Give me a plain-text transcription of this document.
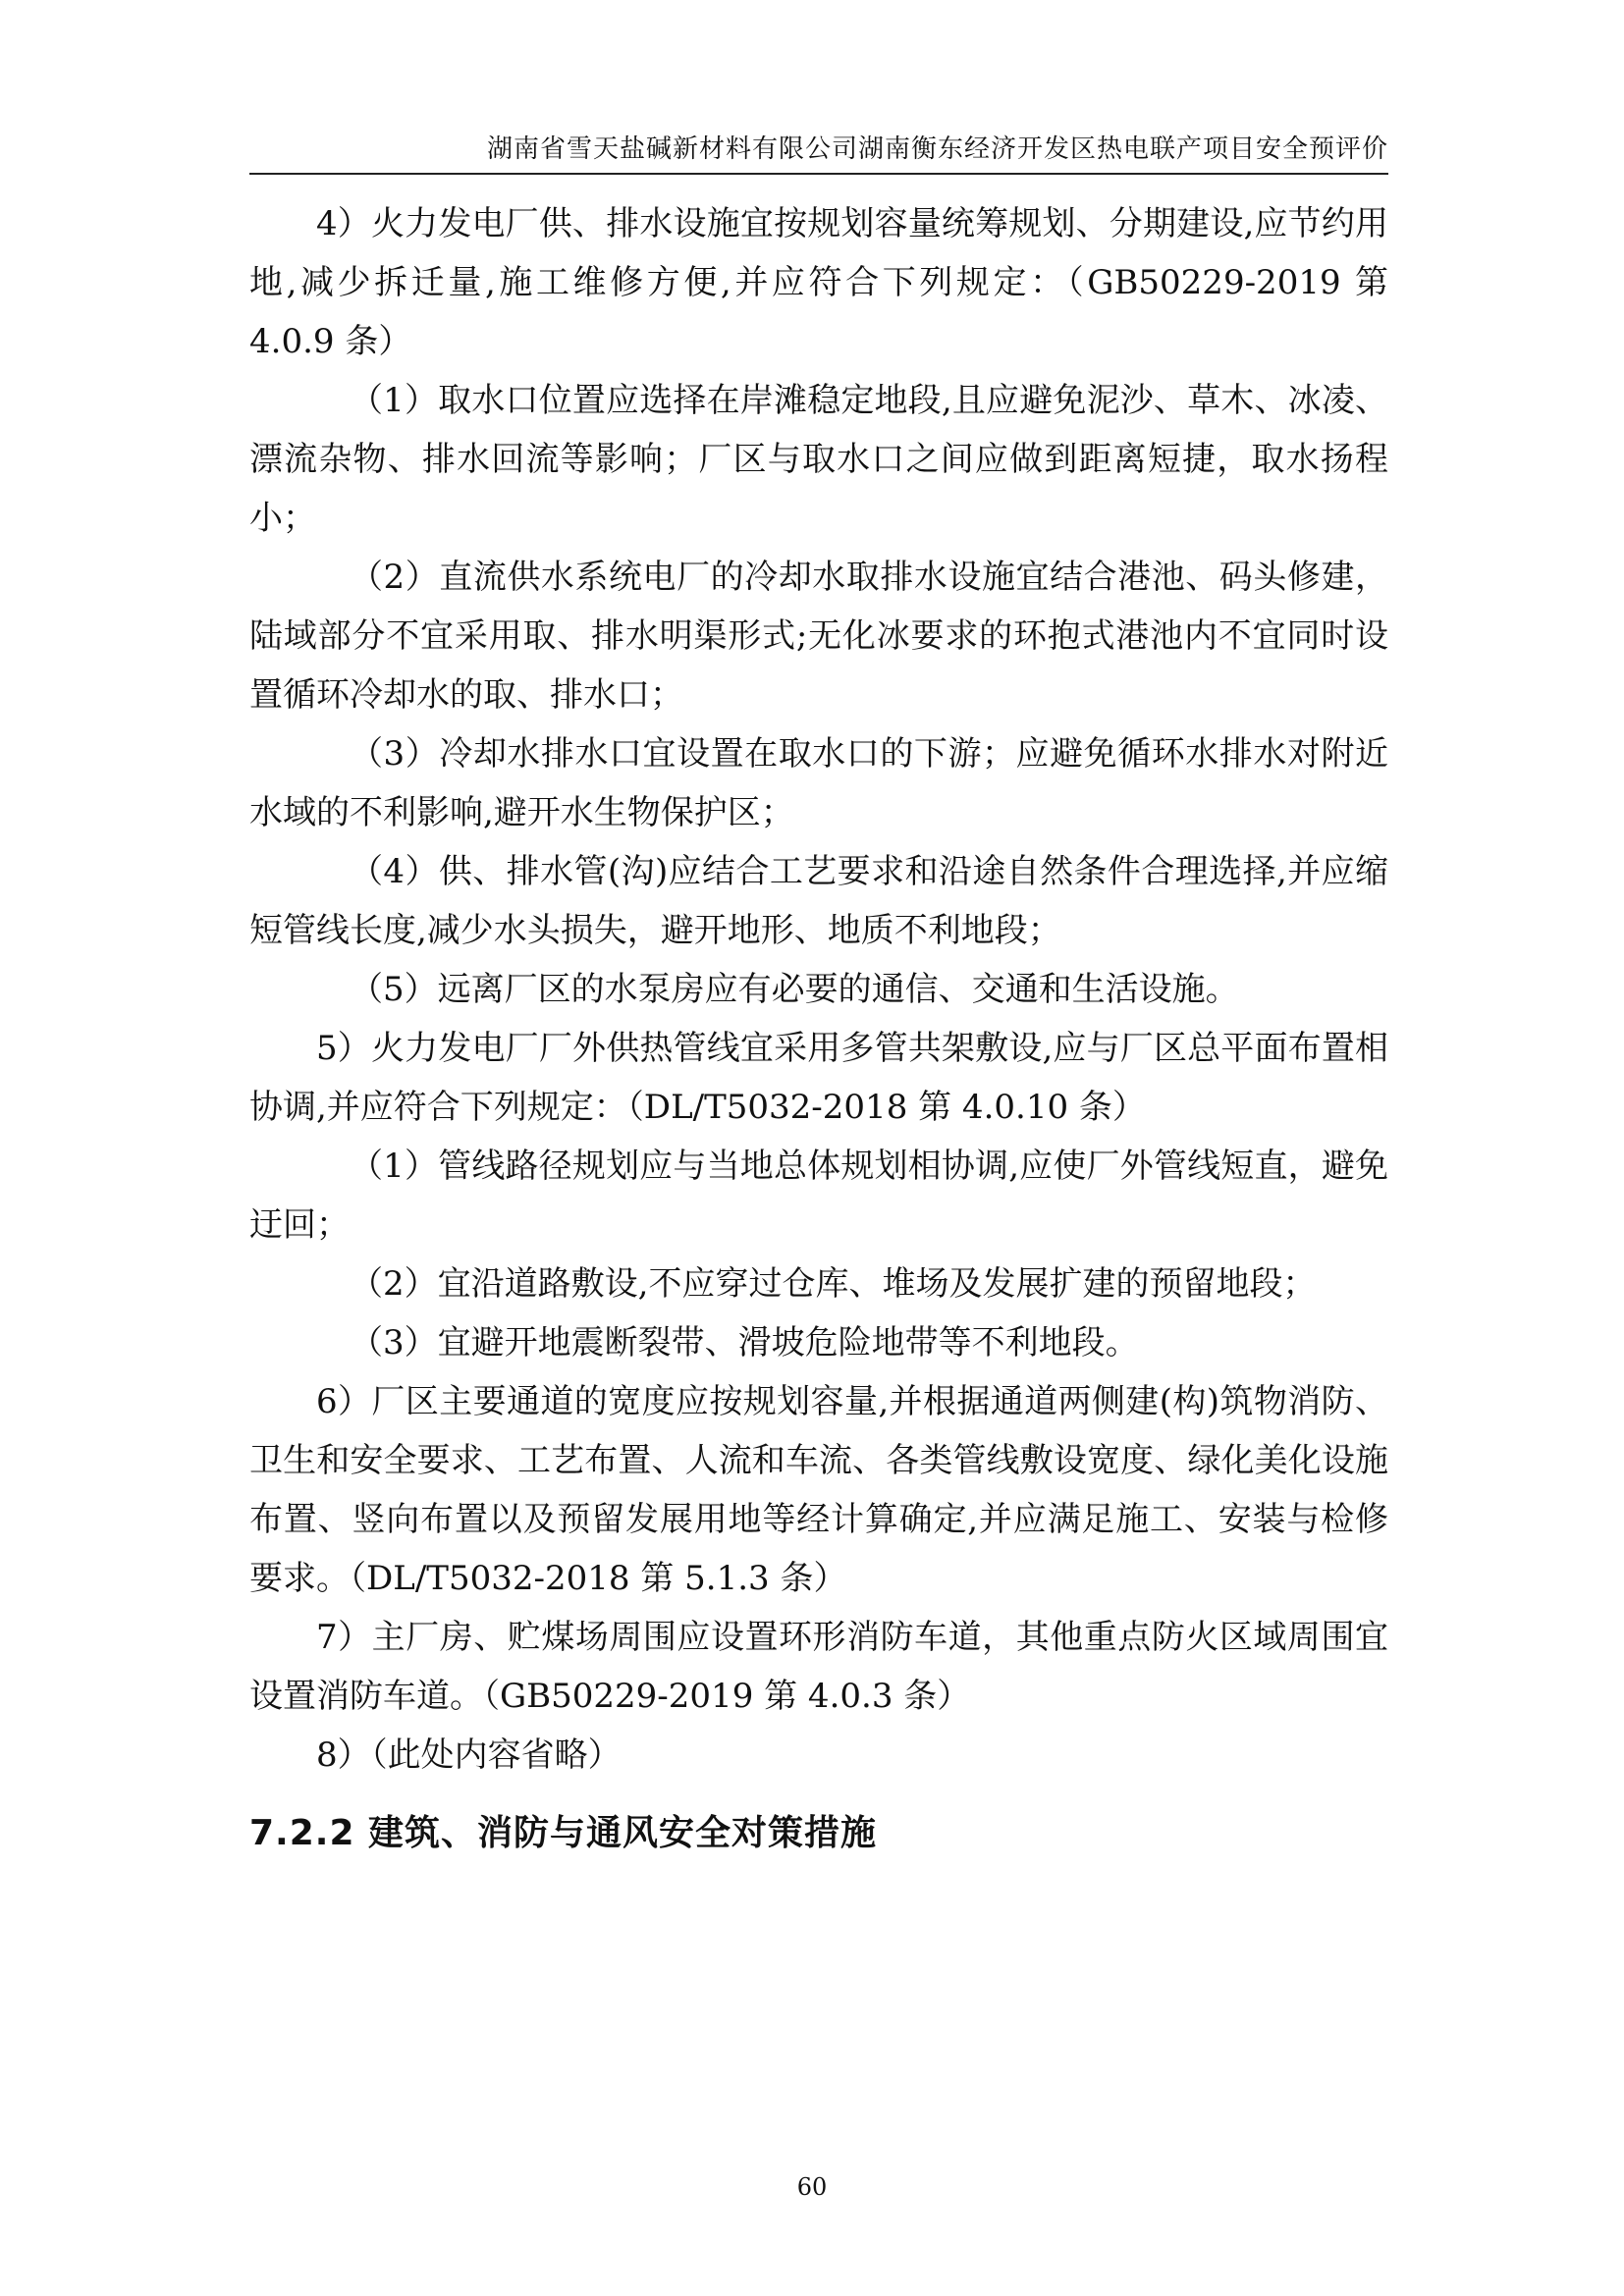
湖南省雪天盐碱新材料有限公司湖南衡东经济开发区热电联产项目安全预评价

4）火力发电厂供、排水设施宜按规划容量统筹规划、分期建设,应节约用地,减少拆迁量,施工维修方便,并应符合下列规定：（GB50229-2019 第 4.0.9 条）

（1）取水口位置应选择在岸滩稳定地段,且应避免泥沙、草木、冰凌、漂流杂物、排水回流等影响；厂区与取水口之间应做到距离短捷，取水扬程小；

（2）直流供水系统电厂的冷却水取排水设施宜结合港池、码头修建，陆域部分不宜采用取、排水明渠形式;无化冰要求的环抱式港池内不宜同时设置循环冷却水的取、排水口；

（3）冷却水排水口宜设置在取水口的下游；应避免循环水排水对附近水域的不利影响,避开水生物保护区；

（4）供、排水管(沟)应结合工艺要求和沿途自然条件合理选择,并应缩短管线长度,减少水头损失，避开地形、地质不利地段；

（5）远离厂区的水泵房应有必要的通信、交通和生活设施。

5）火力发电厂厂外供热管线宜采用多管共架敷设,应与厂区总平面布置相协调,并应符合下列规定：（DL/T5032-2018 第 4.0.10 条）

（1）管线路径规划应与当地总体规划相协调,应使厂外管线短直，避免迂回；

（2）宜沿道路敷设,不应穿过仓库、堆场及发展扩建的预留地段；

（3）宜避开地震断裂带、滑坡危险地带等不利地段。

6）厂区主要通道的宽度应按规划容量,并根据通道两侧建(构)筑物消防、卫生和安全要求、工艺布置、人流和车流、各类管线敷设宽度、绿化美化设施布置、竖向布置以及预留发展用地等经计算确定,并应满足施工、安装与检修要求。（DL/T5032-2018 第 5.1.3 条）

7）主厂房、贮煤场周围应设置环形消防车道，其他重点防火区域周围宜设置消防车道。（GB50229-2019 第 4.0.3 条）

8）（此处内容省略）

7.2.2 建筑、消防与通风安全对策措施
60
